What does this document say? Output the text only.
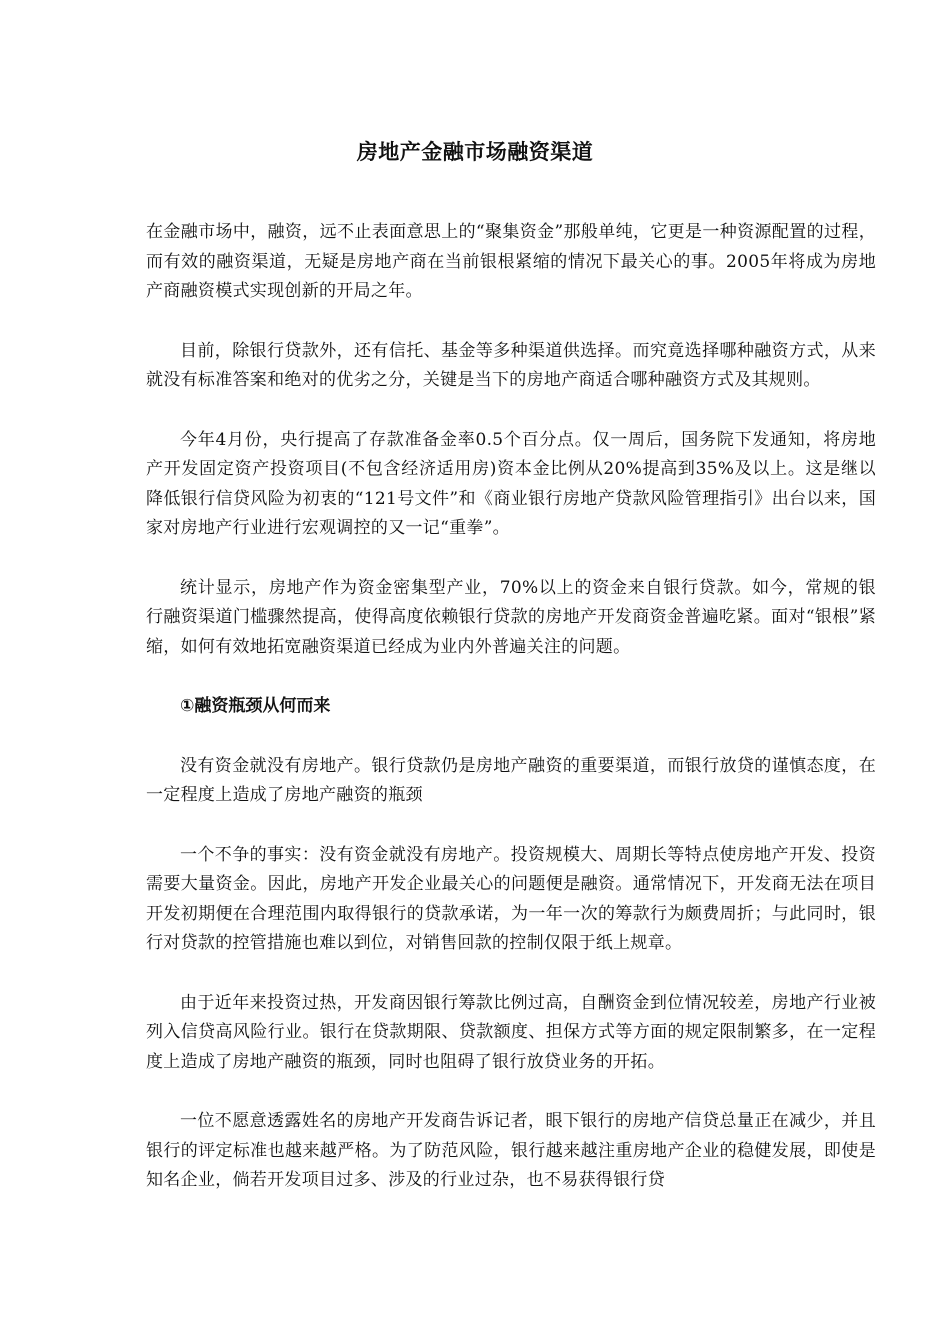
房地产金融市场融资渠道

在金融市场中，融资，远不止表面意思上的“聚集资金”那般单纯，它更是一种资源配置的过程，而有效的融资渠道，无疑是房地产商在当前银根紧缩的情况下最关心的事。2005年将成为房地产商融资模式实现创新的开局之年。

目前，除银行贷款外，还有信托、基金等多种渠道供选择。而究竟选择哪种融资方式，从来就没有标准答案和绝对的优劣之分，关键是当下的房地产商适合哪种融资方式及其规则。

今年4月份，央行提高了存款准备金率0.5个百分点。仅一周后，国务院下发通知，将房地产开发固定资产投资项目(不包含经济适用房)资本金比例从20%提高到35%及以上。这是继以降低银行信贷风险为初衷的“121号文件”和《商业银行房地产贷款风险管理指引》出台以来，国家对房地产行业进行宏观调控的又一记“重拳”。

统计显示，房地产作为资金密集型产业，70%以上的资金来自银行贷款。如今，常规的银行融资渠道门槛骤然提高，使得高度依赖银行贷款的房地产开发商资金普遍吃紧。面对“银根”紧缩，如何有效地拓宽融资渠道已经成为业内外普遍关注的问题。

①融资瓶颈从何而来

没有资金就没有房地产。银行贷款仍是房地产融资的重要渠道，而银行放贷的谨慎态度，在一定程度上造成了房地产融资的瓶颈

一个不争的事实：没有资金就没有房地产。投资规模大、周期长等特点使房地产开发、投资需要大量资金。因此，房地产开发企业最关心的问题便是融资。通常情况下，开发商无法在项目开发初期便在合理范围内取得银行的贷款承诺，为一年一次的筹款行为颇费周折；与此同时，银行对贷款的控管措施也难以到位，对销售回款的控制仅限于纸上规章。

由于近年来投资过热，开发商因银行筹款比例过高，自酬资金到位情况较差，房地产行业被列入信贷高风险行业。银行在贷款期限、贷款额度、担保方式等方面的规定限制繁多，在一定程度上造成了房地产融资的瓶颈，同时也阻碍了银行放贷业务的开拓。

一位不愿意透露姓名的房地产开发商告诉记者，眼下银行的房地产信贷总量正在减少，并且银行的评定标准也越来越严格。为了防范风险，银行越来越注重房地产企业的稳健发展，即使是知名企业，倘若开发项目过多、涉及的行业过杂，也不易获得银行贷
